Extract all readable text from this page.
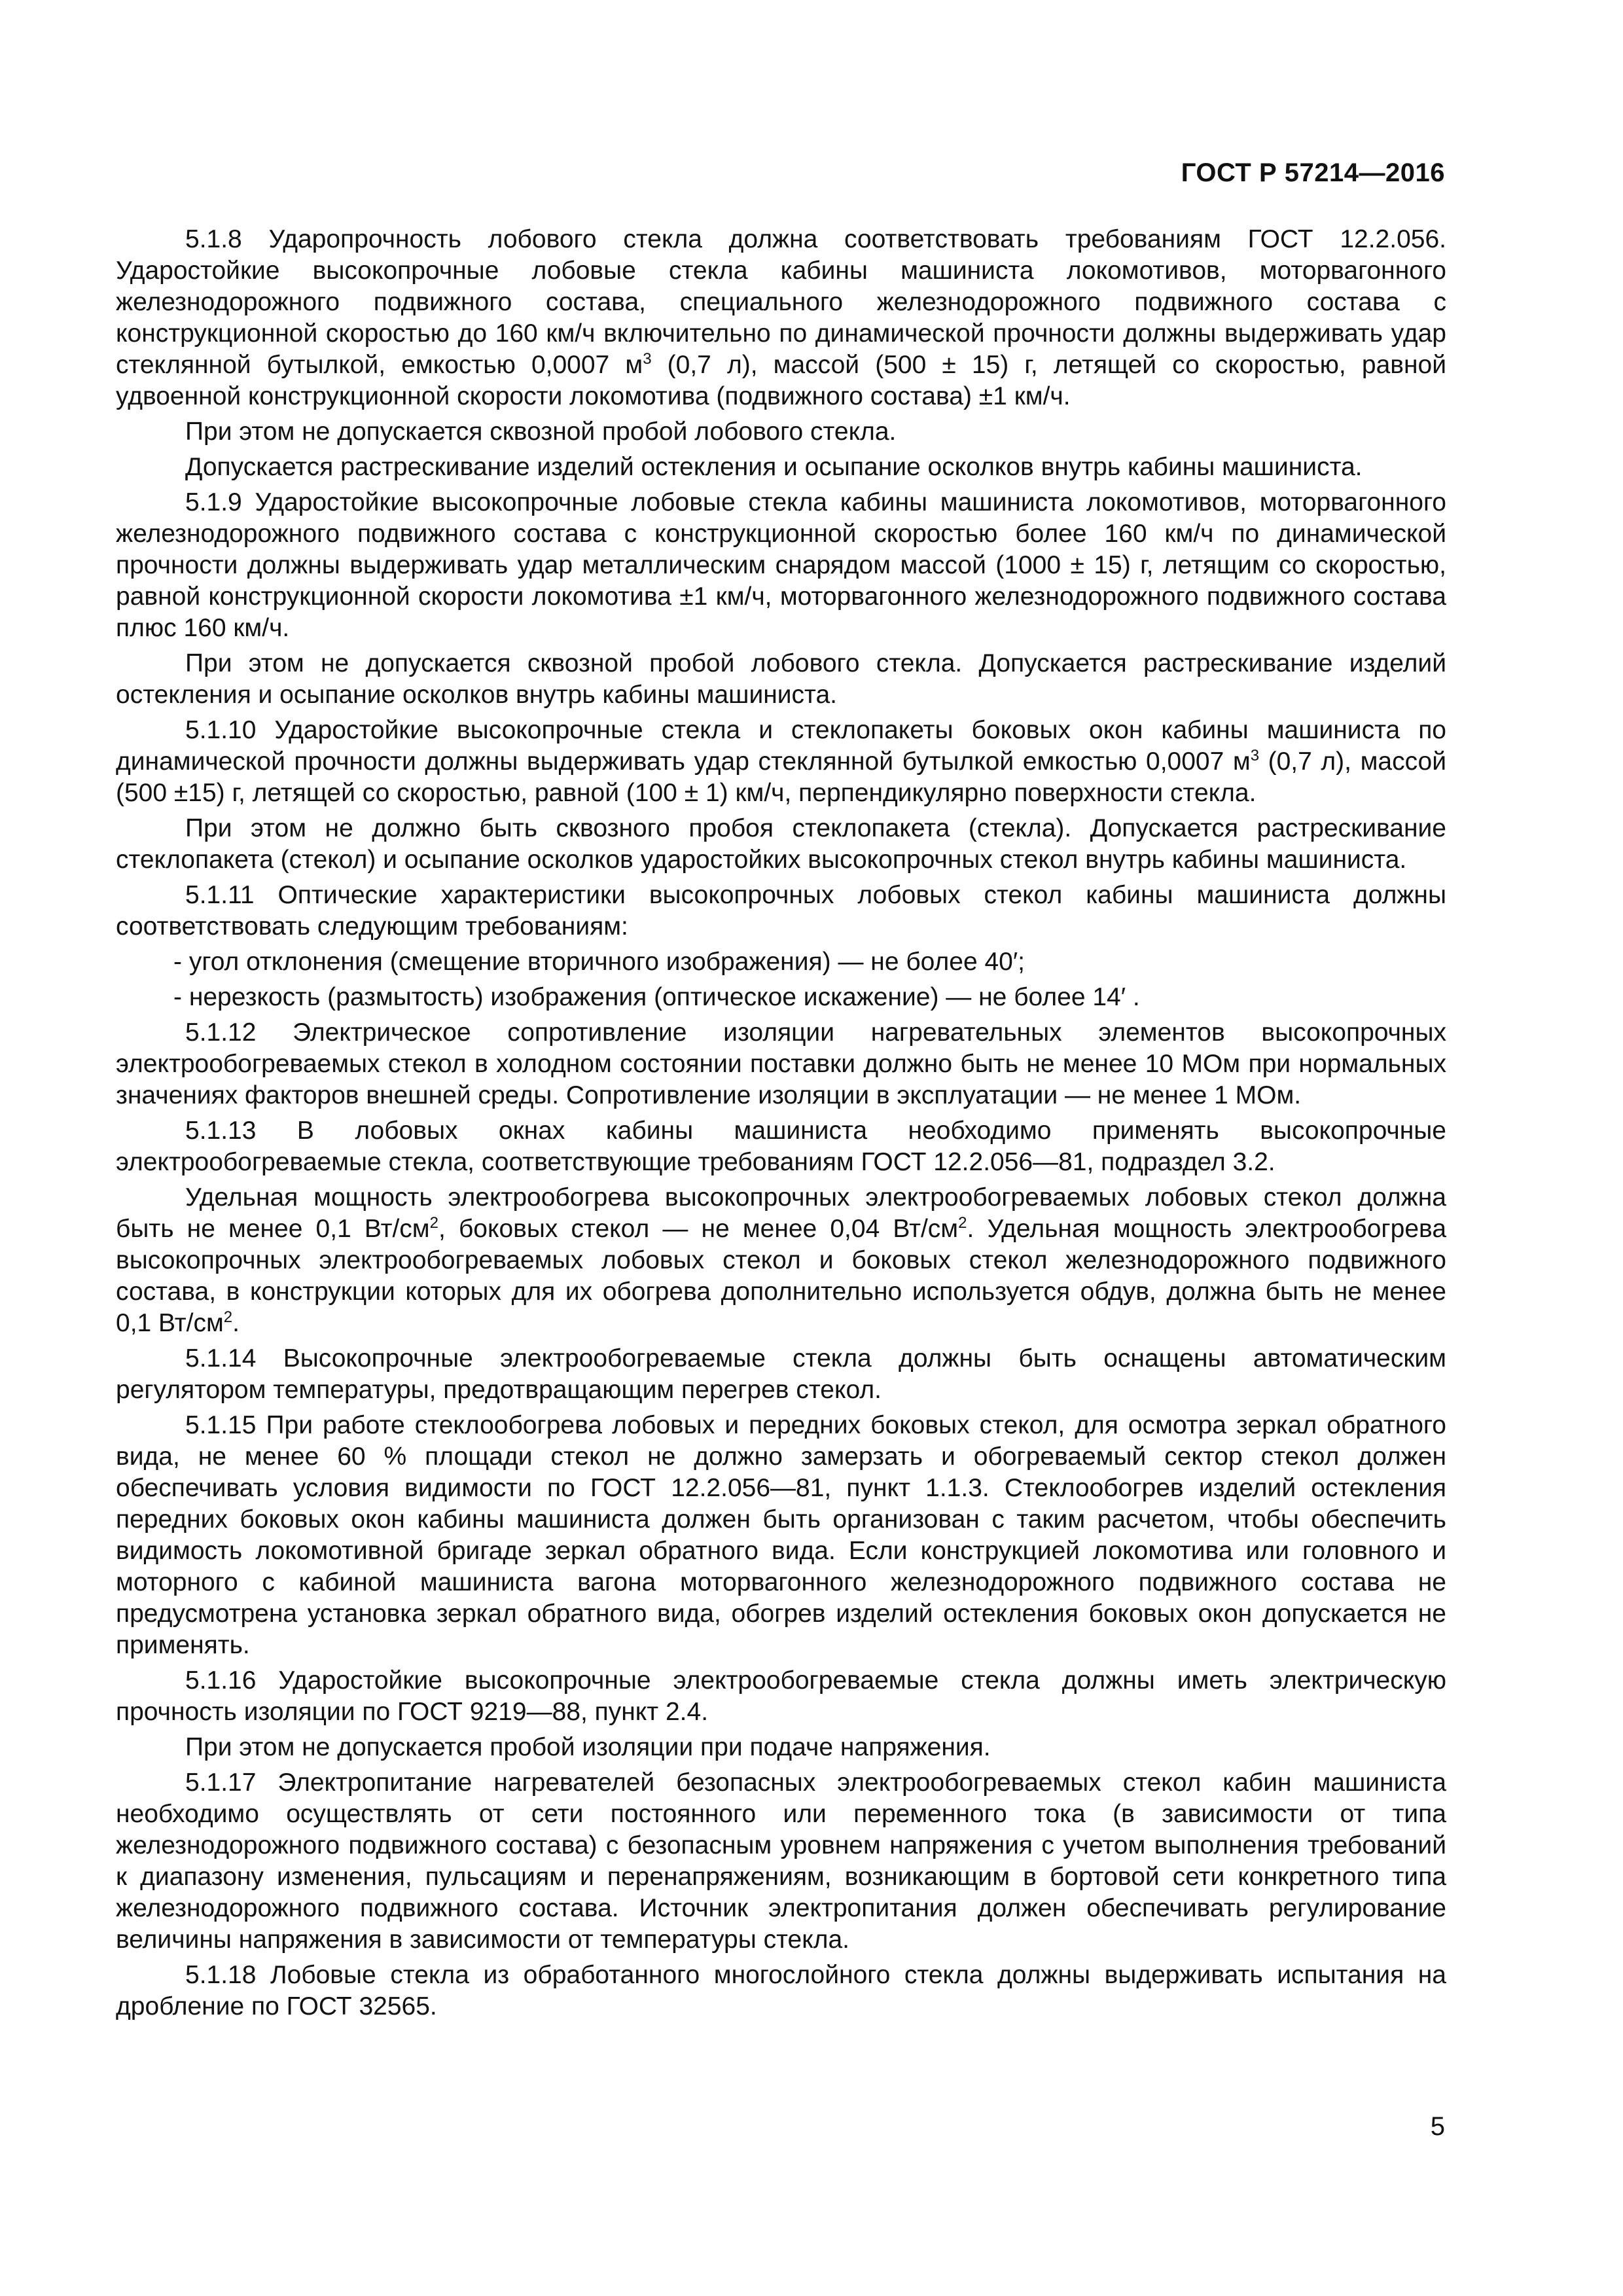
ГОСТ Р 57214—2016

5.1.8 Ударопрочность лобового стекла должна соответствовать требованиям ГОСТ 12.2.056. Ударостойкие высокопрочные лобовые стекла кабины машиниста локомотивов, моторвагонного железнодорожного подвижного состава, специального железнодорожного подвижного состава с конструкционной скоростью до 160 км/ч включительно по динамической прочности должны выдерживать удар стеклянной бутылкой, емкостью 0,0007 $м^3$ (0,7 л), массой (500 ± 15) г, летящей со скоростью, равной удвоенной конструкционной скорости локомотива (подвижного состава) ±1 км/ч.

При этом не допускается сквозной пробой лобового стекла.

Допускается растрескивание изделий остекления и осыпание осколков внутрь кабины машиниста.

5.1.9 Ударостойкие высокопрочные лобовые стекла кабины машиниста локомотивов, моторвагонного железнодорожного подвижного состава с конструкционной скоростью более 160 км/ч по динамической прочности должны выдерживать удар металлическим снарядом массой (1000 ± 15) г, летящим со скоростью, равной конструкционной скорости локомотива ±1 км/ч, моторвагонного железнодорожного подвижного состава плюс 160 км/ч.

При этом не допускается сквозной пробой лобового стекла. Допускается растрескивание изделий остекления и осыпание осколков внутрь кабины машиниста.

5.1.10 Ударостойкие высокопрочные стекла и стеклопакеты боковых окон кабины машиниста по динамической прочности должны выдерживать удар стеклянной бутылкой емкостью 0,0007 $м^3$ (0,7 л), массой (500 ±15) г, летящей со скоростью, равной (100 ± 1) км/ч, перпендикулярно поверхности стекла.

При этом не должно быть сквозного пробоя стеклопакета (стекла). Допускается растрескивание стеклопакета (стекол) и осыпание осколков ударостойких высокопрочных стекол внутрь кабины машиниста.

5.1.11 Оптические характеристики высокопрочных лобовых стекол кабины машиниста должны соответствовать следующим требованиям:

- угол отклонения (смещение вторичного изображения) — не более 40′;

- нерезкость (размытость) изображения (оптическое искажение) — не более 14′ .

5.1.12 Электрическое сопротивление изоляции нагревательных элементов высокопрочных электрообогреваемых стекол в холодном состоянии поставки должно быть не менее 10 МОм при нормальных значениях факторов внешней среды. Сопротивление изоляции в эксплуатации — не менее 1 МОм.

5.1.13 В лобовых окнах кабины машиниста необходимо применять высокопрочные электрообогреваемые стекла, соответствующие требованиям ГОСТ 12.2.056—81, подраздел 3.2.

Удельная мощность электрообогрева высокопрочных электрообогреваемых лобовых стекол должна быть не менее 0,1 $Вт/см^2$, боковых стекол — не менее 0,04 $Вт/см^2$. Удельная мощность электрообогрева высокопрочных электрообогреваемых лобовых стекол и боковых стекол железнодорожного подвижного состава, в конструкции которых для их обогрева дополнительно используется обдув, должна быть не менее 0,1 $Вт/см^2$.

5.1.14 Высокопрочные электрообогреваемые стекла должны быть оснащены автоматическим регулятором температуры, предотвращающим перегрев стекол.

5.1.15 При работе стеклообогрева лобовых и передних боковых стекол, для осмотра зеркал обратного вида, не менее 60 % площади стекол не должно замерзать и обогреваемый сектор стекол должен обеспечивать условия видимости по ГОСТ 12.2.056—81, пункт 1.1.3. Стеклообогрев изделий остекления передних боковых окон кабины машиниста должен быть организован с таким расчетом, чтобы обеспечить видимость локомотивной бригаде зеркал обратного вида. Если конструкцией локомотива или головного и моторного с кабиной машиниста вагона моторвагонного железнодорожного подвижного состава не предусмотрена установка зеркал обратного вида, обогрев изделий остекления боковых окон допускается не применять.

5.1.16 Ударостойкие высокопрочные электрообогреваемые стекла должны иметь электрическую прочность изоляции по ГОСТ 9219—88, пункт 2.4.

При этом не допускается пробой изоляции при подаче напряжения.

5.1.17 Электропитание нагревателей безопасных электрообогреваемых стекол кабин машиниста необходимо осуществлять от сети постоянного или переменного тока (в зависимости от типа железнодорожного подвижного состава) с безопасным уровнем напряжения с учетом выполнения требований к диапазону изменения, пульсациям и перенапряжениям, возникающим в бортовой сети конкретного типа железнодорожного подвижного состава. Источник электропитания должен обеспечивать регулирование величины напряжения в зависимости от температуры стекла.

5.1.18 Лобовые стекла из обработанного многослойного стекла должны выдерживать испытания на дробление по ГОСТ 32565.

5
